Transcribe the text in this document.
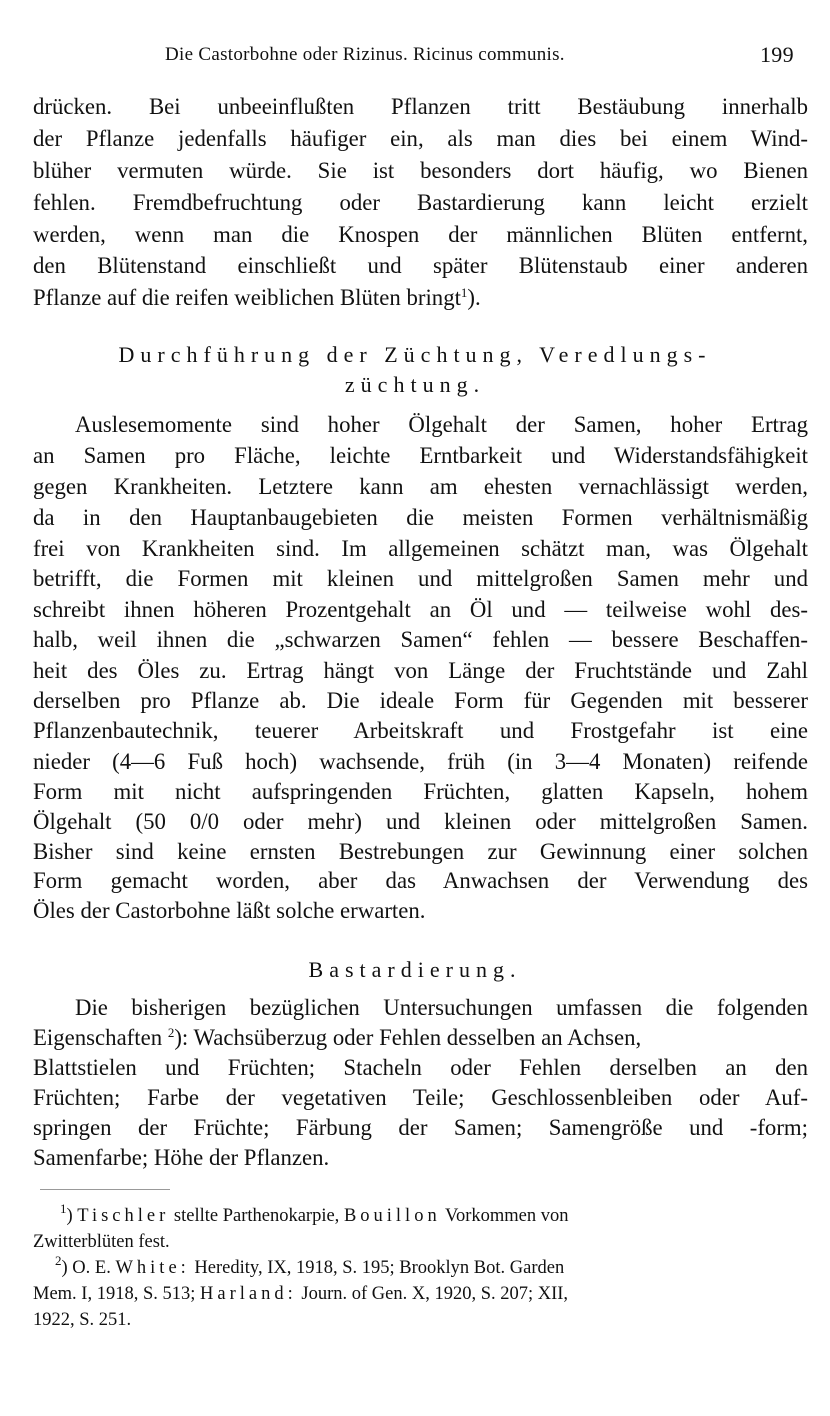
Die Castorbohne oder Rizinus. Ricinus communis.	199
drücken. Bei unbeeinflußten Pflanzen tritt Bestäubung innerhalb
der Pflanze jedenfalls häufiger ein, als man dies bei einem Wind-
blüher vermuten würde. Sie ist besonders dort häufig, wo Bienen
fehlen. Fremdbefruchtung oder Bastardierung kann leicht erzielt
werden, wenn man die Knospen der männlichen Blüten entfernt,
den Blütenstand einschließt und später Blütenstaub einer anderen
Pflanze auf die reifen weiblichen Blüten bringt$^1$).
Durchführung der Züchtung, Veredlungs-
züchtung.
Auslesemomente sind hoher Ölgehalt der Samen, hoher Ertrag
an Samen pro Fläche, leichte Erntbarkeit und Widerstandsfähigkeit
gegen Krankheiten. Letztere kann am ehesten vernachlässigt werden,
da in den Hauptanbaugebieten die meisten Formen verhältnismäßig
frei von Krankheiten sind. Im allgemeinen schätzt man, was Ölgehalt
betrifft, die Formen mit kleinen und mittelgroßen Samen mehr und
schreibt ihnen höheren Prozentgehalt an Öl und — teilweise wohl des-
halb, weil ihnen die „schwarzen Samen“ fehlen — bessere Beschaffen-
heit des Öles zu. Ertrag hängt von Länge der Fruchtstände und Zahl
derselben pro Pflanze ab. Die ideale Form für Gegenden mit besserer
Pflanzenbautechnik, teuerer Arbeitskraft und Frostgefahr ist eine
nieder (4—6 Fuß hoch) wachsende, früh (in 3—4 Monaten) reifende
Form mit nicht aufspringenden Früchten, glatten Kapseln, hohem
Ölgehalt (50 0/0 oder mehr) und kleinen oder mittelgroßen Samen.
Bisher sind keine ernsten Bestrebungen zur Gewinnung einer solchen
Form gemacht worden, aber das Anwachsen der Verwendung des
Öles der Castorbohne läßt solche erwarten.
Bastardierung.
Die bisherigen bezüglichen Untersuchungen umfassen die folgenden
Eigenschaften $^2$): Wachsüberzug oder Fehlen desselben an Achsen,
Blattstielen und Früchten; Stacheln oder Fehlen derselben an den
Früchten; Farbe der vegetativen Teile; Geschlossenbleiben oder Auf-
springen der Früchte; Färbung der Samen; Samengröße und -form;
Samenfarbe; Höhe der Pflanzen.
$^1$) Tischler stellte Parthenokarpie, Bouillon Vorkommen von
Zwitterblüten fest.
$^2$) O. E. White: Heredity, IX, 1918, S. 195; Brooklyn Bot. Garden
Mem. I, 1918, S. 513; Harland: Journ. of Gen. X, 1920, S. 207; XII,
1922, S. 251.
